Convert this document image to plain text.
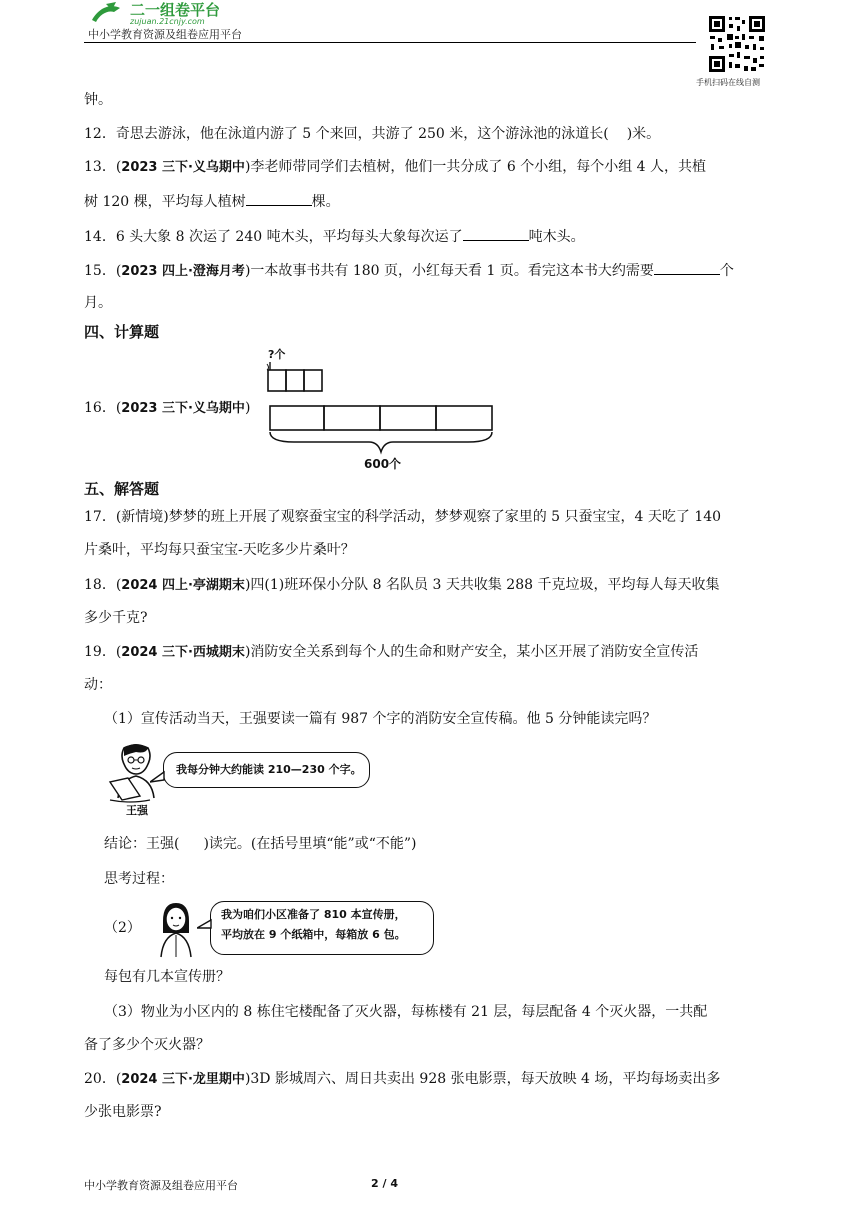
二一组卷平台
zujuan.21cnjy.com
中小学教育资源及组卷应用平台
手机扫码在线自测
钟。
12．奇思去游泳，他在泳道内游了 5 个来回，共游了 250 米，这个游泳池的泳道长( )米。
13．(2023 三下·义乌期中)李老师带同学们去植树，他们一共分成了 6 个小组，每个小组 4 人，共植
树 120 棵，平均每人植树	棵。
14．6 头大象 8 次运了 240 吨木头，平均每头大象每次运了	吨木头。
15．(2023 四上·澄海月考)一本故事书共有 180 页，小红每天看 1 页。看完这本书大约需要	个
月。
四、计算题
?个
600个
16．(2023 三下·义乌期中)
五、解答题
17．(新情境)梦梦的班上开展了观察蚕宝宝的科学活动，梦梦观察了家里的 5 只蚕宝宝，4 天吃了 140
片桑叶，平均每只蚕宝宝-天吃多少片桑叶？
18．(2024 四上·亭湖期末)四(1)班环保小分队 8 名队员 3 天共收集 288 千克垃圾，平均每人每天收集
多少千克?
19．(2024 三下·西城期末)消防安全关系到每个人的生命和财产安全，某小区开展了消防安全宣传活
动：
（1）宣传活动当天，王强要读一篇有 987 个字的消防安全宣传稿。他 5 分钟能读完吗？
王强
我每分钟大约能读 210—230 个字。
结论：王强( )读完。(在括号里填“能”或“不能”)
思考过程：
（2）
我为咱们小区准备了 810 本宣传册，
平均放在 9 个纸箱中，每箱放 6 包。
每包有几本宣传册？
（3）物业为小区内的 8 栋住宅楼配备了灭火器，每栋楼有 21 层，每层配备 4 个灭火器，一共配
备了多少个灭火器？
20．(2024 三下·龙里期中)3D 影城周六、周日共卖出 928 张电影票，每天放映 4 场，平均每场卖出多
少张电影票?
中小学教育资源及组卷应用平台	2 / 4
